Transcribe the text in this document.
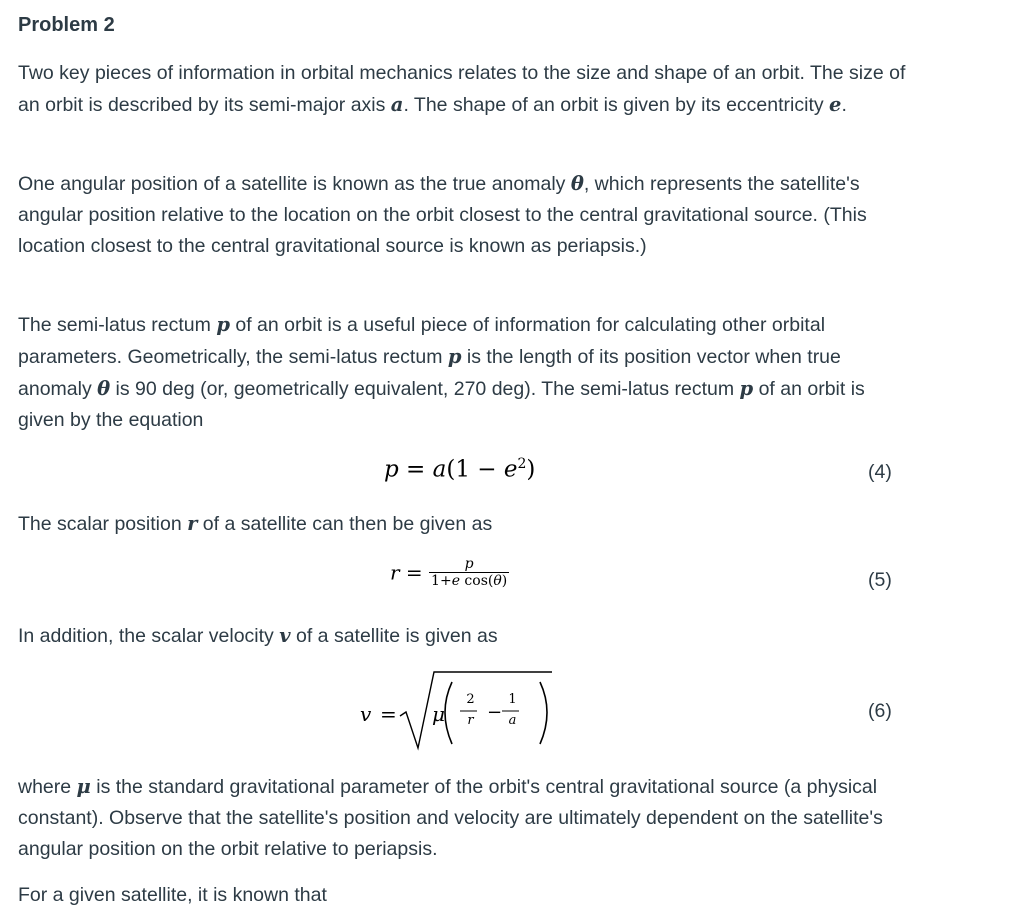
Problem 2
Two key pieces of information in orbital mechanics relates to the size and shape of an orbit. The size of an orbit is described by its semi-major axis a. The shape of an orbit is given by its eccentricity e.
One angular position of a satellite is known as the true anomaly θ, which represents the satellite's angular position relative to the location on the orbit closest to the central gravitational source. (This location closest to the central gravitational source is known as periapsis.)
The semi-latus rectum p of an orbit is a useful piece of information for calculating other orbital parameters. Geometrically, the semi-latus rectum p is the length of its position vector when true anomaly θ is 90 deg (or, geometrically equivalent, 270 deg). The semi-latus rectum p of an orbit is given by the equation
$p = a(1 - e^2)$	(4)
The scalar position r of a satellite can then be given as
$r = \frac{p}{\text{1+e cos(θ)}}$	(5)
In addition, the scalar velocity v of a satellite is given as
v = μ
2
r −
1
a	(6)
where μ is the standard gravitational parameter of the orbit's central gravitational source (a physical constant). Observe that the satellite's position and velocity are ultimately dependent on the satellite's angular position on the orbit relative to periapsis.
For a given satellite, it is known that
